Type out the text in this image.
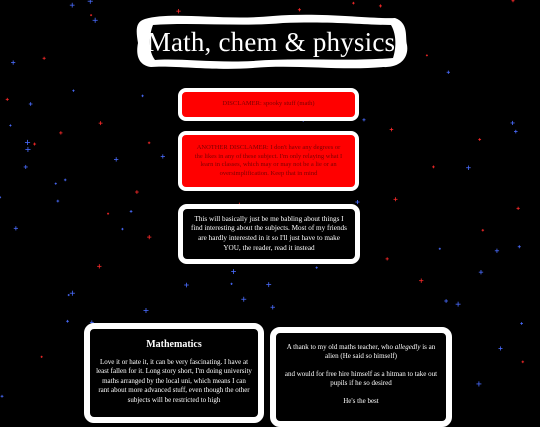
Math, chem & physics
DISCLAMER: spooky stuff (math)
ANOTHER DISCLAMER: I don't have any degrees or the likes in any of these subject. I'm only relaying what I learn in classes, which may or may not be a lie or an oversimplification. Keep that in mind
This will basically just be me babling about things I find interesting about the subjects. Most of my friends are hardly interested in it so I'll just have to make YOU, the reader, read it instead
Mathematics

Love it or hate it, it can be very fascinating. I have at least fallen for it. Long story short, I'm doing university maths arranged by the local uni, which means I can rant about more advanced stuff, even though the other subjects will be restricted to high

A thank to my old maths teacher, who allegedly is an alien (He said so himself)

and would for free hire himself as a hitman to take out pupils if he so desired

He's the best
